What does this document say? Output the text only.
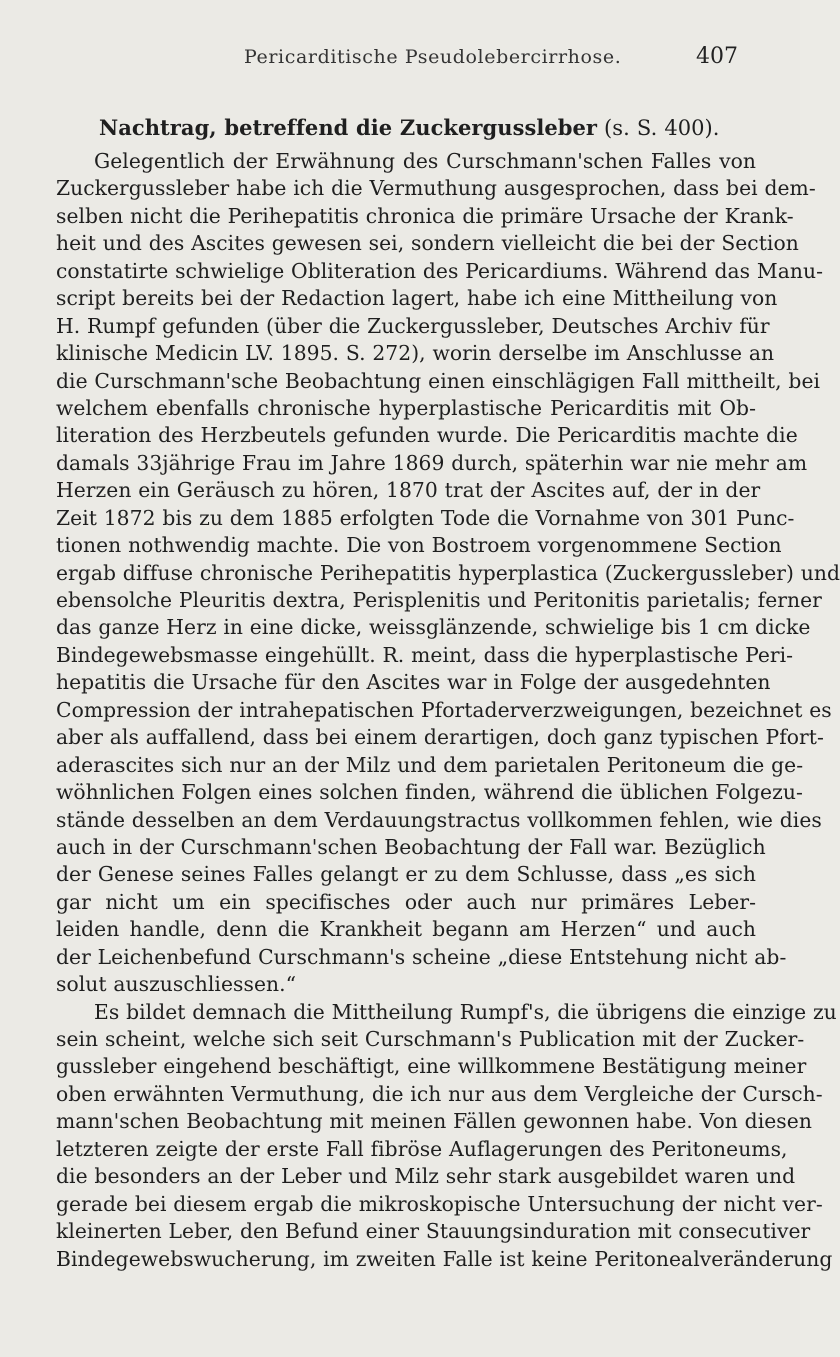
Pericarditische Pseudolebercirrhose.	407
Nachtrag, betreffend die Zuckergussleber (s. S. 400).
Gelegentlich der Erwähnung des Curschmann'schen Falles von
Zuckergussleber habe ich die Vermuthung ausgesprochen, dass bei dem-
selben nicht die Perihepatitis chronica die primäre Ursache der Krank-
heit und des Ascites gewesen sei, sondern vielleicht die bei der Section
constatirte schwielige Obliteration des Pericardiums. Während das Manu-
script bereits bei der Redaction lagert, habe ich eine Mittheilung von
H. Rumpf gefunden (über die Zuckergussleber, Deutsches Archiv für
klinische Medicin LV. 1895. S. 272), worin derselbe im Anschlusse an
die Curschmann'sche Beobachtung einen einschlägigen Fall mittheilt, bei
welchem ebenfalls chronische hyperplastische Pericarditis mit Ob-
literation des Herzbeutels gefunden wurde. Die Pericarditis machte die
damals 33jährige Frau im Jahre 1869 durch, späterhin war nie mehr am
Herzen ein Geräusch zu hören, 1870 trat der Ascites auf, der in der
Zeit 1872 bis zu dem 1885 erfolgten Tode die Vornahme von 301 Punc-
tionen nothwendig machte. Die von Bostroem vorgenommene Section
ergab diffuse chronische Perihepatitis hyperplastica (Zuckergussleber) und
ebensolche Pleuritis dextra, Perisplenitis und Peritonitis parietalis; ferner
das ganze Herz in eine dicke, weissglänzende, schwielige bis 1 cm dicke
Bindegewebsmasse eingehüllt. R. meint, dass die hyperplastische Peri-
hepatitis die Ursache für den Ascites war in Folge der ausgedehnten
Compression der intrahepatischen Pfortaderverzweigungen, bezeichnet es
aber als auffallend, dass bei einem derartigen, doch ganz typischen Pfort-
aderascites sich nur an der Milz und dem parietalen Peritoneum die ge-
wöhnlichen Folgen eines solchen finden, während die üblichen Folgezu-
stände desselben an dem Verdauungstractus vollkommen fehlen, wie dies
auch in der Curschmann'schen Beobachtung der Fall war. Bezüglich
der Genese seines Falles gelangt er zu dem Schlusse, dass „es sich
gar nicht um ein specifisches oder auch nur primäres Leber-
leiden handle, denn die Krankheit begann am Herzen“ und auch
der Leichenbefund Curschmann's scheine „diese Entstehung nicht ab-
solut auszuschliessen.“
Es bildet demnach die Mittheilung Rumpf's, die übrigens die einzige zu
sein scheint, welche sich seit Curschmann's Publication mit der Zucker-
gussleber eingehend beschäftigt, eine willkommene Bestätigung meiner
oben erwähnten Vermuthung, die ich nur aus dem Vergleiche der Cursch-
mann'schen Beobachtung mit meinen Fällen gewonnen habe. Von diesen
letzteren zeigte der erste Fall fibröse Auflagerungen des Peritoneums,
die besonders an der Leber und Milz sehr stark ausgebildet waren und
gerade bei diesem ergab die mikroskopische Untersuchung der nicht ver-
kleinerten Leber, den Befund einer Stauungsinduration mit consecutiver
Bindegewebswucherung, im zweiten Falle ist keine Peritonealveränderung
